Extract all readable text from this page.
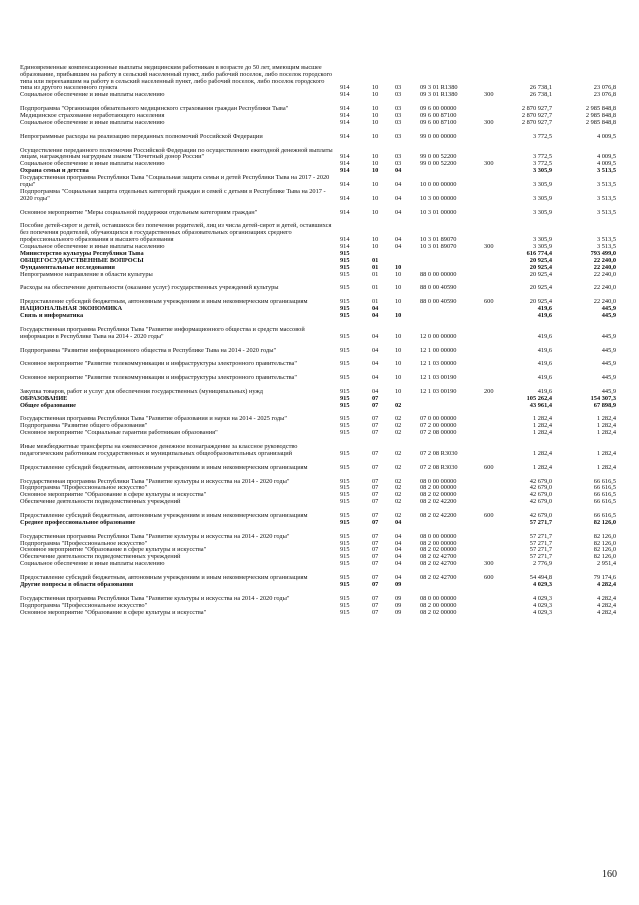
Единовременные компенсационные выплаты медицинским работникам в возрасте до 50 лет, имеющим высшее образование, прибывшим на работу в сельский населенный пункт, либо рабочий поселок, либо поселок городского типа или переехавшим на работу в сельский населенный пункт, либо рабочий поселок, либо поселок городского типа из другого населенного пункта	914	10	03	09 3 01 R1380	26 738,1	23 076,8
Социальное обеспечение и иные выплаты населению	914	10	03	09 3 01 R1380	300	26 738,1	23 076,8
Подпрограмма "Организация обязательного медицинского страхования граждан Республики Тыва"	914	10	03	09 6 00 00000	2 870 927,7	2 985 848,8
Медицинское страхование неработающего населения	914	10	03	09 6 00 87100	2 870 927,7	2 985 848,8
Социальное обеспечение и иные выплаты населению	914	10	03	09 6 00 87100	300	2 870 927,7	2 985 848,8
Непрограммные расходы на реализацию переданных полномочий Российской Федерации	914	10	03	99 0 00 00000	3 772,5	4 009,5
Осуществление переданного полномочия Российской Федерации по осуществлению ежегодной денежной выплаты лицам, награжденным нагрудным знаком "Почетный донор России"	914	10	03	99 0 00 52200	3 772,5	4 009,5
Социальное обеспечение и иные выплаты населению	914	10	03	99 0 00 52200	300	3 772,5	4 009,5
Охрана семьи и детства	914	10	04	3 305,9	3 513,5
Государственная программа Республики Тыва "Социальная защита семьи и детей Республики Тыва на 2017 - 2020 годы"	914	10	04	10 0 00 00000	3 305,9	3 513,5
Подпрограмма "Социальная защита отдельных категорий граждан и семей с детьми в Республике Тыва на 2017 - 2020 годы"	914	10	04	10 3 00 00000	3 305,9	3 513,5
Основное мероприятие "Меры социальной поддержки отдельным категориям граждан"	914	10	04	10 3 01 00000	3 305,9	3 513,5
Пособие детей-сирот и детей, оставшихся без попечения родителей, лиц из числа детей-сирот и детей, оставшихся без попечения родителей, обучающихся в государственных образовательных организациях среднего профессионального образования и высшего образования	914	10	04	10 3 01 89070	3 305,9	3 513,5
Социальное обеспечение и иные выплаты населению	914	10	04	10 3 01 89070	300	3 305,9	3 513,5
Министерство культуры Республики Тыва	915	616 774,4	793 499,0
ОБЩЕГОСУДАРСТВЕННЫЕ ВОПРОСЫ	915	01	20 925,4	22 240,0
Фундаментальные исследования	915	01	10	20 925,4	22 240,0
Непрограммное направление в области культуры	915	01	10	88 0 00 00000	20 925,4	22 240,0
Расходы на обеспечение деятельности (оказание услуг) государственных учреждений культуры	915	01	10	88 0 00 40590	20 925,4	22 240,0
Предоставление субсидий бюджетным, автономным учреждениям и иным некоммерческим организациям	915	01	10	88 0 00 40590	600	20 925,4	22 240,0
НАЦИОНАЛЬНАЯ ЭКОНОМИКА	915	04	419,6	445,9
Связь и информатика	915	04	10	419,6	445,9
Государственная программа Республики Тыва "Развитие информационного общества и средств массовой информации в Республике Тыва на 2014 - 2020 годы"	915	04	10	12 0 00 00000	419,6	445,9
Подпрограмма "Развитие информационного общества в Республике Тыва на 2014 - 2020 годы"	915	04	10	12 1 00 00000	419,6	445,9
Основное мероприятие "Развитие телекоммуникации и инфраструктуры электронного правительства"	915	04	10	12 1 03 00000	419,6	445,9
Основное мероприятие "Развитие телекоммуникации и инфраструктуры электронного правительства"	915	04	10	12 1 03 00190	419,6	445,9
Закупка товаров, работ и услуг для обеспечения государственных (муниципальных) нужд	915	04	10	12 1 03 00190	200	419,6	445,9
ОБРАЗОВАНИЕ	915	07	105 262,4	154 307,3
Общее образование	915	07	02	43 961,4	67 898,9
Государственная программа Республики Тыва "Развитие образования и науки на 2014 - 2025 годы"	915	07	02	07 0 00 00000	1 282,4	1 282,4
Подпрограмма "Развитие общего образования"	915	07	02	07 2 00 00000	1 282,4	1 282,4
Основное мероприятие "Социальные гарантии работникам образования"	915	07	02	07 2 08 00000	1 282,4	1 282,4
Иные межбюджетные трансферты на ежемесячное денежное вознаграждение за классное руководство педагогическим работникам государственных и муниципальных общеобразовательных организаций	915	07	02	07 2 08 R3030	1 282,4	1 282,4
Предоставление субсидий бюджетным, автономным учреждениям и иным некоммерческим организациям	915	07	02	07 2 08 R3030	600	1 282,4	1 282,4
Государственная программа Республики Тыва "Развитие культуры и искусства на 2014 - 2020 годы"	915	07	02	08 0 00 00000	42 679,0	66 616,5
Подпрограмма "Профессиональное искусство"	915	07	02	08 2 00 00000	42 679,0	66 616,5
Основное мероприятие "Образование в сфере культуры и искусства"	915	07	02	08 2 02 00000	42 679,0	66 616,5
Обеспечение деятельности подведомственных учреждений	915	07	02	08 2 02 42200	42 679,0	66 616,5
Предоставление субсидий бюджетным, автономным учреждениям и иным некоммерческим организациям	915	07	02	08 2 02 42200	600	42 679,0	66 616,5
Среднее профессиональное образование	915	07	04	57 271,7	82 126,0
Государственная программа Республики Тыва "Развитие культуры и искусства на 2014 - 2020 годы"	915	07	04	08 0 00 00000	57 271,7	82 126,0
Подпрограмма "Профессиональное искусство"	915	07	04	08 2 00 00000	57 271,7	82 126,0
Основное мероприятие "Образование в сфере культуры и искусства"	915	07	04	08 2 02 00000	57 271,7	82 126,0
Обеспечение деятельности подведомственных учреждений	915	07	04	08 2 02 42700	57 271,7	82 126,0
Социальное обеспечение и иные выплаты населению	915	07	04	08 2 02 42700	300	2 776,9	2 951,4
Предоставление субсидий бюджетным, автономным учреждениям и иным некоммерческим организациям	915	07	04	08 2 02 42700	600	54 494,8	79 174,6
Другие вопросы в области образования	915	07	09	4 029,3	4 282,4
Государственная программа Республики Тыва "Развитие культуры и искусства на 2014 - 2020 годы"	915	07	09	08 0 00 00000	4 029,3	4 282,4
Подпрограмма "Профессиональное искусство"	915	07	09	08 2 00 00000	4 029,3	4 282,4
Основное мероприятие "Образование в сфере культуры и искусства"	915	07	09	08 2 02 00000	4 029,3	4 282,4
160
